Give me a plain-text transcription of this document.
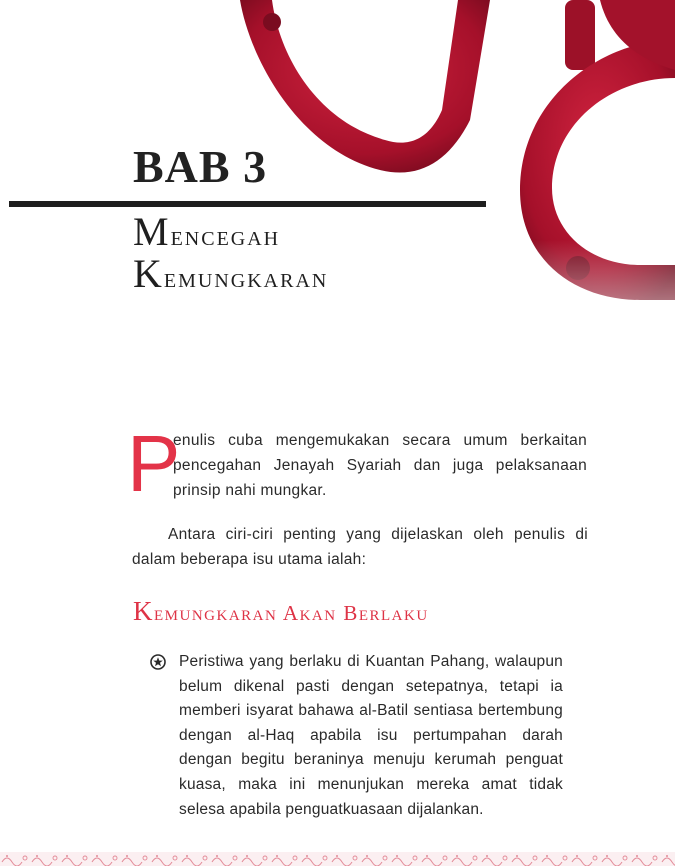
BAB 3
Mencegah
Kemungkaran
P

enulis cuba mengemukakan secara umum berkaitan pencegahan Jenayah Syariah dan juga pelaksanaan prinsip nahi mungkar.

Antara ciri-ciri penting yang dijelaskan oleh penulis di dalam beberapa isu utama ialah:

Kemungkaran Akan Berlaku

Peristiwa yang berlaku di Kuantan Pahang, walaupun belum dikenal pasti dengan setepatnya, tetapi ia memberi isyarat bahawa al-Batil sentiasa bertembung dengan al-Haq apabila isu pertumpahan darah dengan begitu beraninya menuju kerumah penguat kuasa, maka ini menunjukan mereka amat tidak selesa apabila penguatkuasaan dijalankan.
